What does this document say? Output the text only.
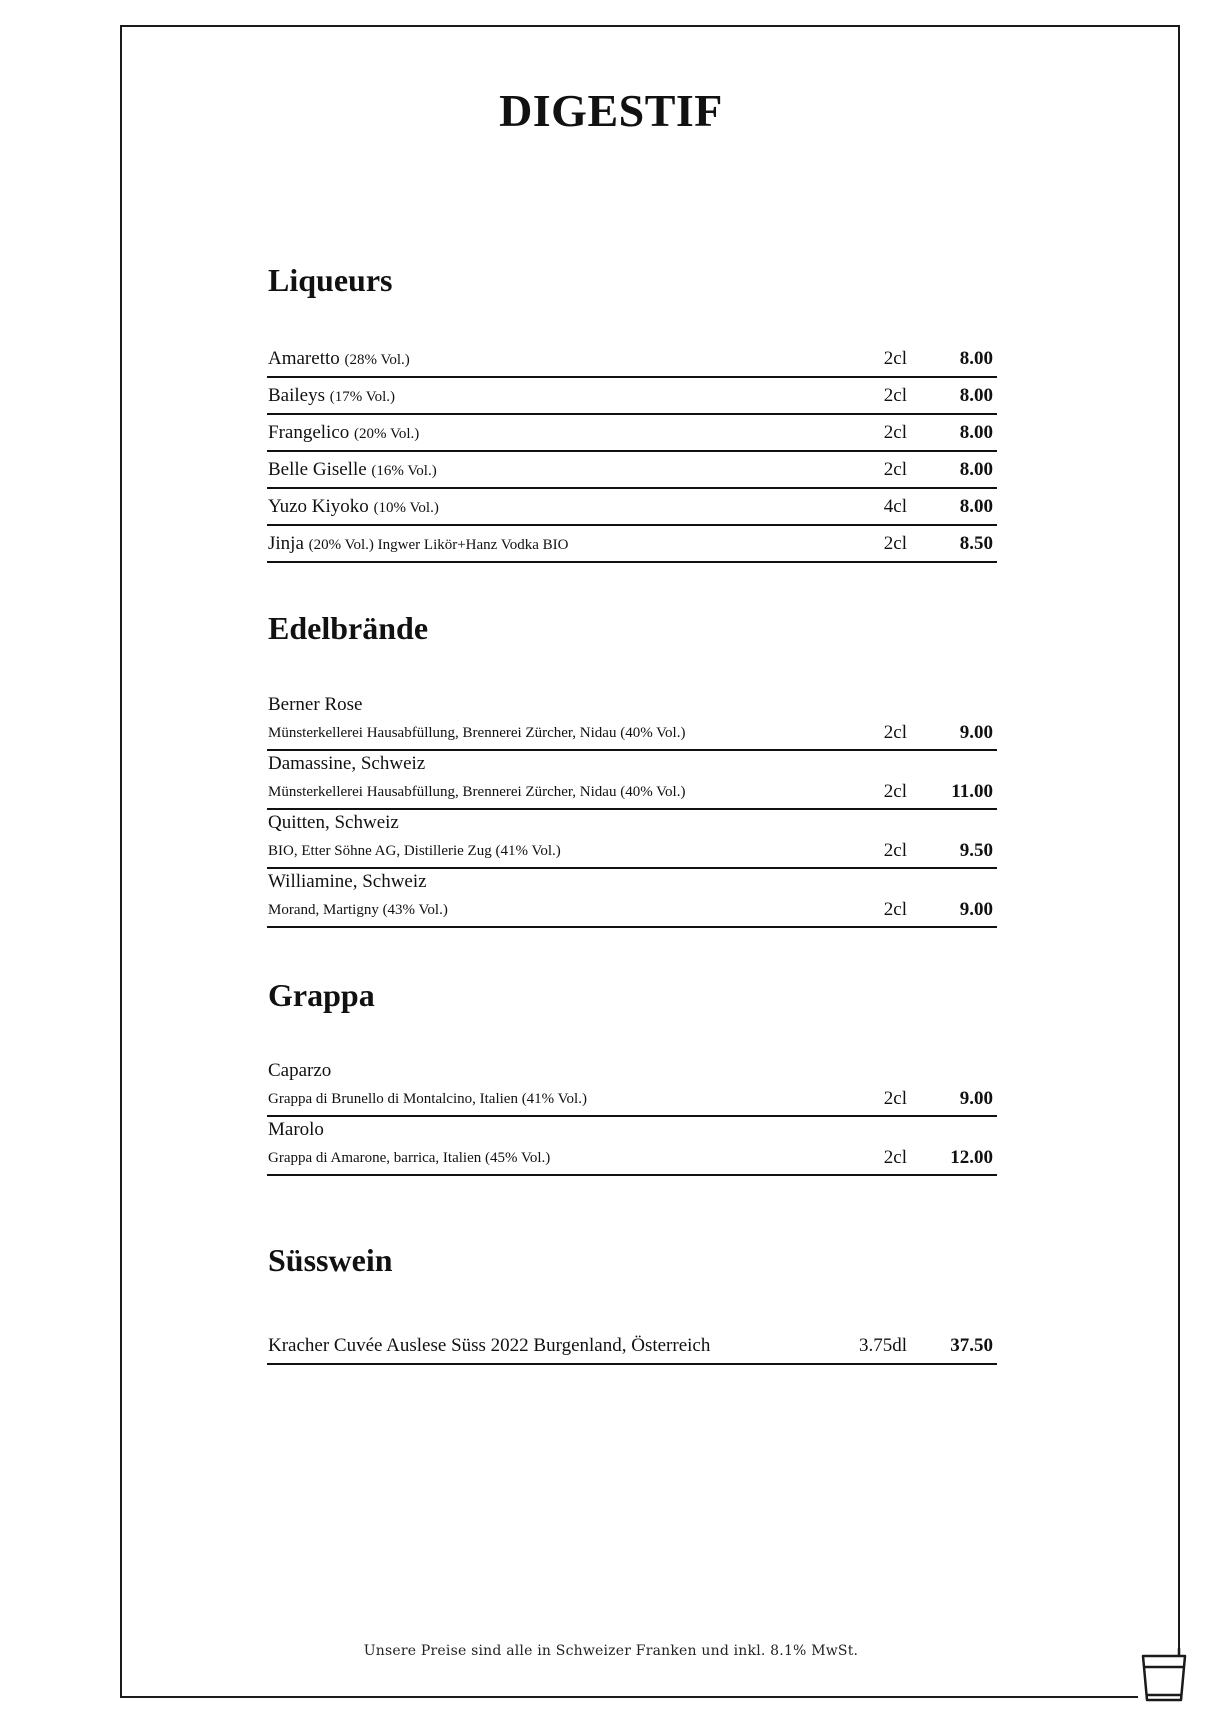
DIGESTIF
Liqueurs
Amaretto (28% Vol.)	2cl	8.00
Baileys (17% Vol.)	2cl	8.00
Frangelico (20% Vol.)	2cl	8.00
Belle Giselle (16% Vol.)	2cl	8.00
Yuzo Kiyoko (10% Vol.)	4cl	8.00
Jinja (20% Vol.) Ingwer Likör+Hanz Vodka BIO	2cl	8.50
Edelbrände
Berner Rose
Münsterkellerei Hausabfüllung, Brennerei Zürcher, Nidau (40% Vol.)	2cl	9.00
Damassine, Schweiz
Münsterkellerei Hausabfüllung, Brennerei Zürcher, Nidau (40% Vol.)	2cl 11.00
Quitten, Schweiz
BIO, Etter Söhne AG, Distillerie Zug (41% Vol.)	2cl	9.50
Williamine, Schweiz
Morand, Martigny (43% Vol.)	2cl	9.00
Grappa
Caparzo
Grappa di Brunello di Montalcino, Italien (41% Vol.)	2cl	9.00
Marolo
Grappa di Amarone, barrica, Italien (45% Vol.)	2cl 12.00
Süsswein
Kracher Cuvée Auslese Süss 2022 Burgenland, Österreich	3.75dl 37.50
Unsere Preise sind alle in Schweizer Franken und inkl. 8.1% MwSt.
